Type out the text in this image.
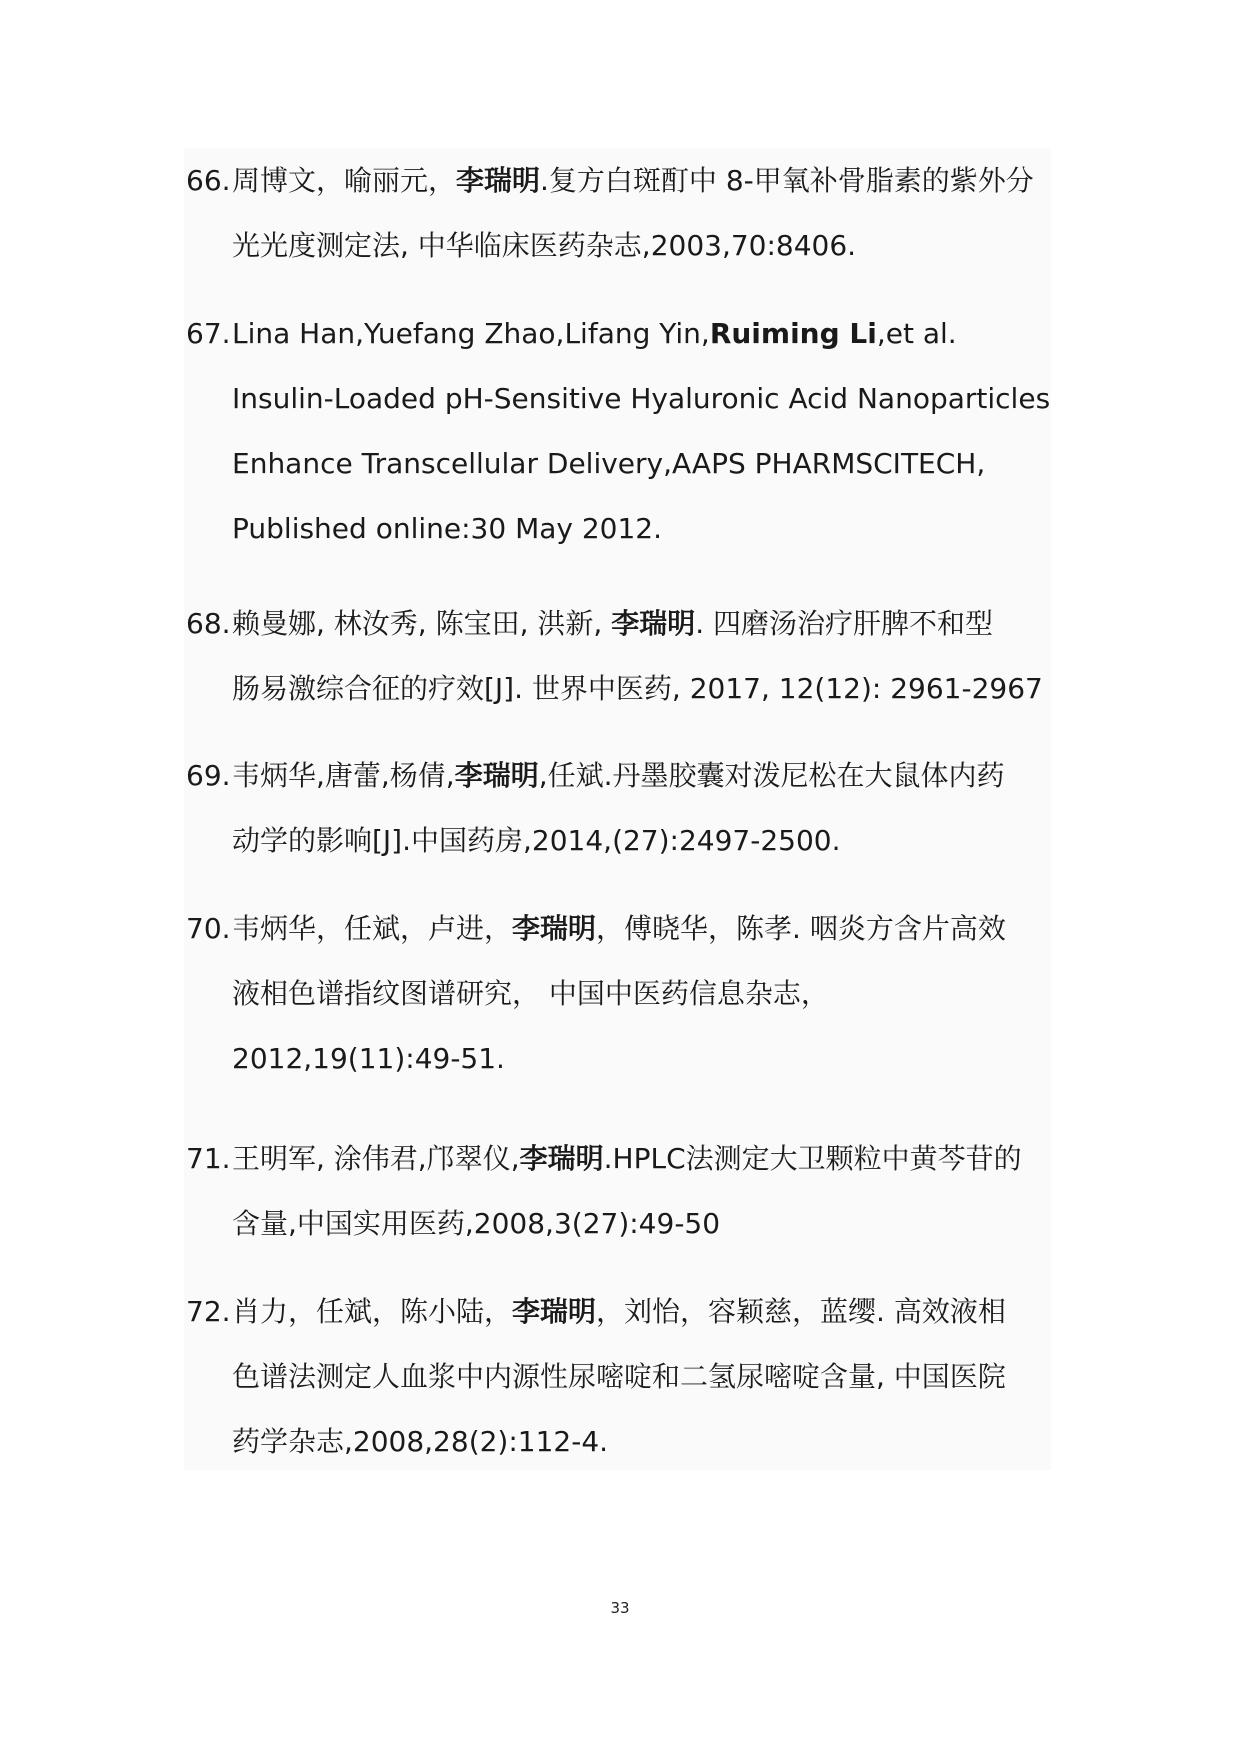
66. 周博文，喻丽元，李瑞明.复方白斑酊中 8-甲氧补骨脂素的紫外分
光光度测定法, 中华临床医药杂志,2003,70:8406.
67. Lina Han,Yuefang Zhao,Lifang Yin,Ruiming Li,et al.
Insulin-Loaded pH-Sensitive Hyaluronic Acid Nanoparticles
Enhance Transcellular Delivery,AAPS PHARMSCITECH,
Published online:30 May 2012.
68. 赖曼娜, 林汝秀, 陈宝田, 洪新, 李瑞明. 四磨汤治疗肝脾不和型
肠易激综合征的疗效[J]. 世界中医药, 2017, 12(12): 2961-2967
69. 韦炳华,唐蕾,杨倩,李瑞明,任斌.丹墨胶囊对泼尼松在大鼠体内药
动学的影响[J].中国药房,2014,(27):2497-2500.
70. 韦炳华，任斌，卢进，李瑞明，傅晓华，陈孝. 咽炎方含片高效
液相色谱指纹图谱研究， 中国中医药信息杂志，
2012,19(11):49-51.
71. 王明军, 涂伟君,邝翠仪,李瑞明.HPLC法测定大卫颗粒中黄芩苷的
含量,中国实用医药,2008,3(27):49-50
72. 肖力，任斌，陈小陆，李瑞明，刘怡，容颖慈，蓝缨. 高效液相
色谱法测定人血浆中内源性尿嘧啶和二氢尿嘧啶含量, 中国医院
药学杂志,2008,28(2):112-4.
33
